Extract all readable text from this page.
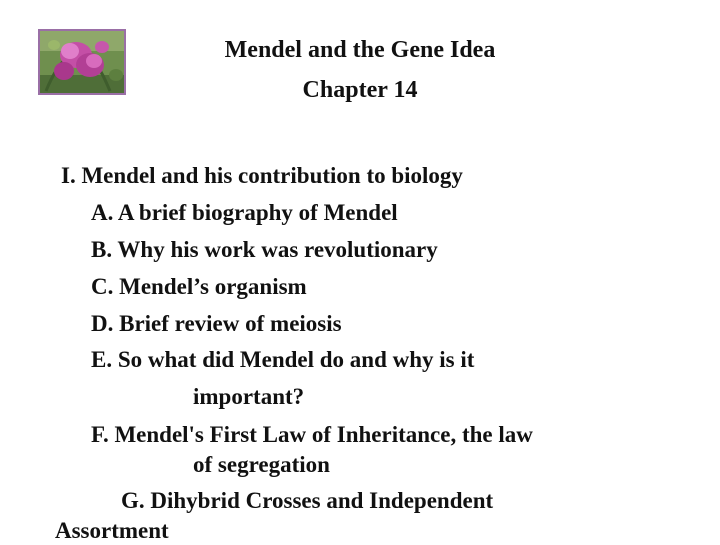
Mendel and the Gene Idea
Chapter 14
I. Mendel and his contribution to biology
A. A brief biography of Mendel
B. Why his work was revolutionary
C. Mendel’s organism
D. Brief review of meiosis
E. So what did Mendel do and why is it
important?
F. Mendel's First Law of Inheritance, the law
of segregation
G. Dihybrid Crosses and Independent
Assortment
